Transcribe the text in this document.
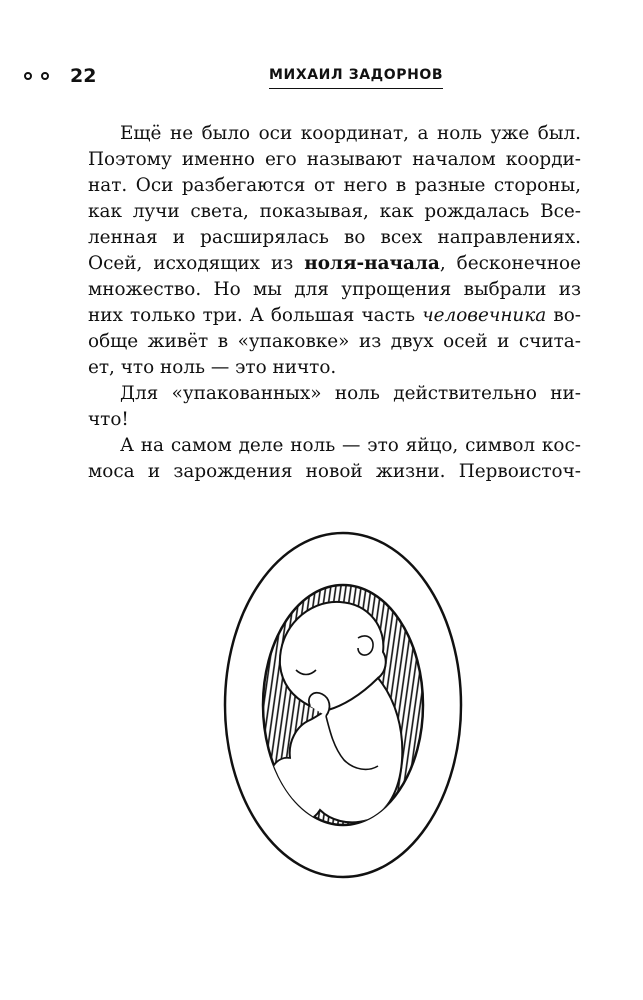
22	МИХАИЛ ЗАДОРНОВ
Ещё не было оси координат, а ноль уже был.
Поэтому именно его называют началом коорди-
нат. Оси разбегаются от него в разные стороны,
как лучи света, показывая, как рождалась Все-
ленная и расширялась во всех направлениях.
Осей, исходящих из ноля-начала, бесконечное
множество. Но мы для упрощения выбрали из
них только три. А большая часть человечника во-
обще живёт в «упаковке» из двух осей и счита-
ет, что ноль — это ничто.
Для «упакованных» ноль действительно ни-
что!
А на самом деле ноль — это яйцо, символ кос-
моса и зарождения новой жизни. Первоисточ-
